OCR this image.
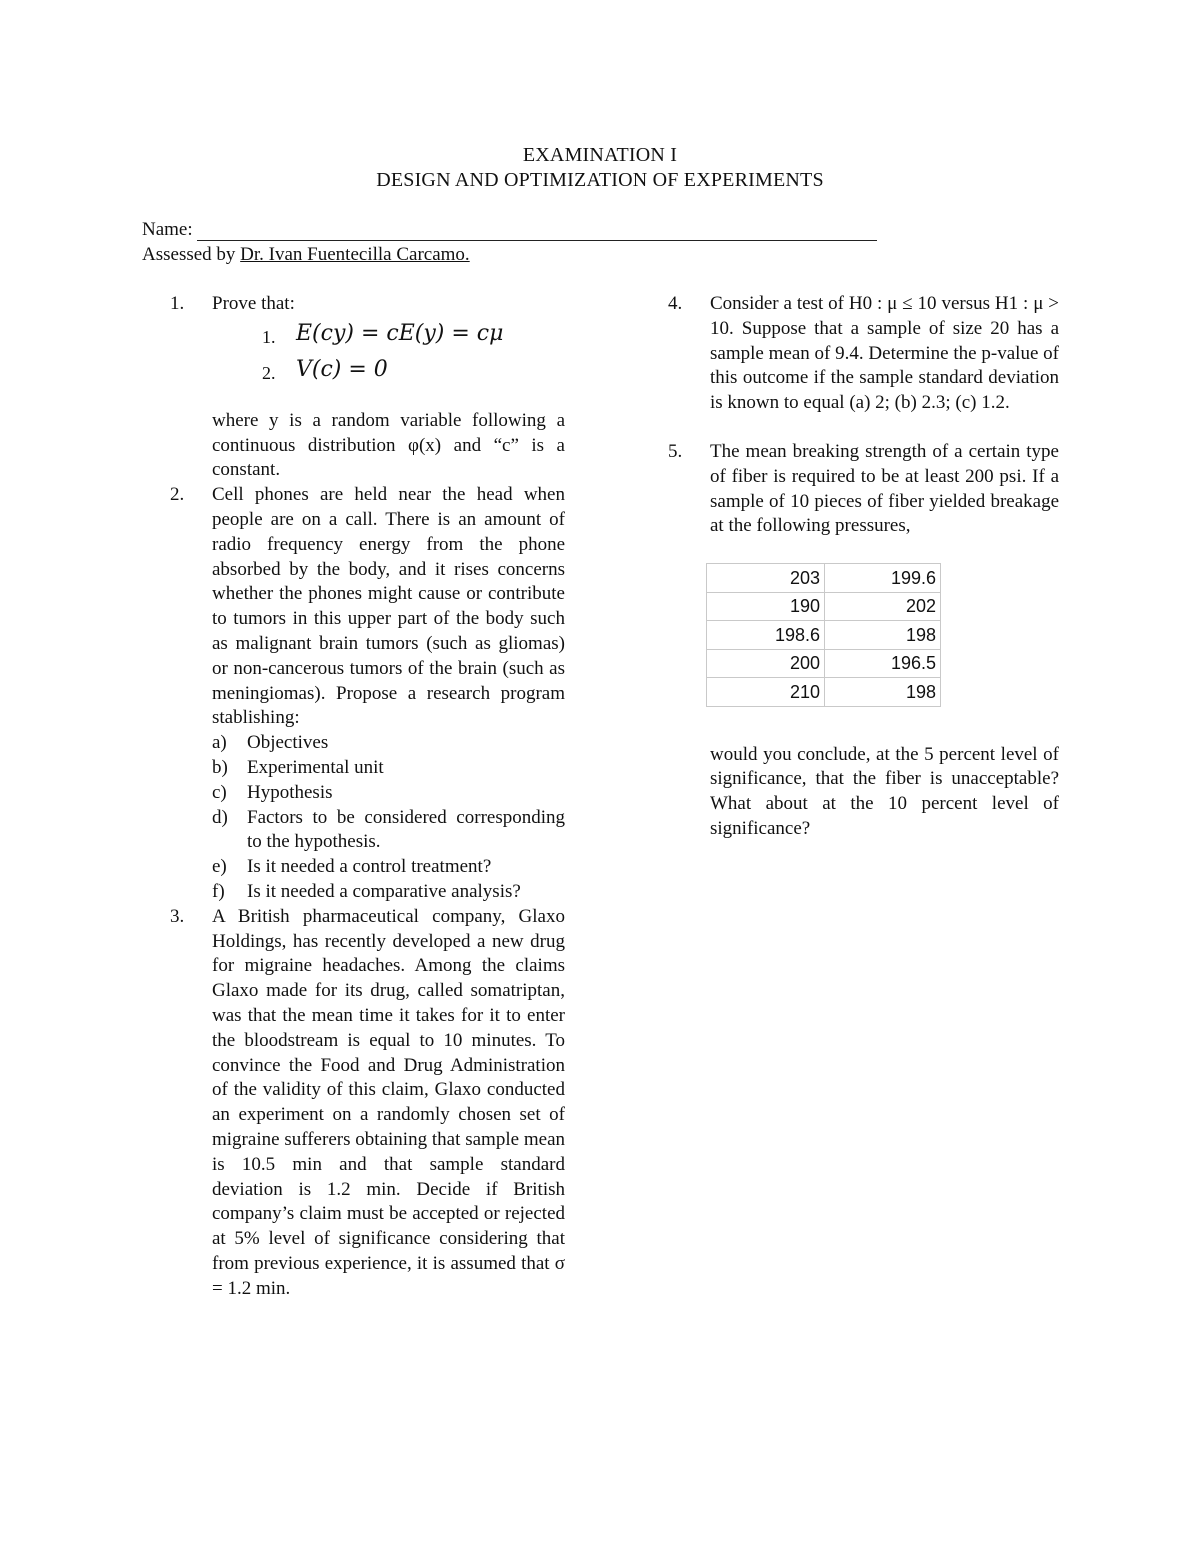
EXAMINATION I
DESIGN AND OPTIMIZATION OF EXPERIMENTS
Name:
Assessed by Dr. Ivan Fuentecilla Carcamo.
1. Prove that:
1. E(cy) = cE(y) = cμ
2. V(c) = 0
where y is a random variable following a continuous distribution φ(x) and “c” is a constant.
2. Cell phones are held near the head when people are on a call. There is an amount of radio frequency energy from the phone absorbed by the body, and it rises concerns whether the phones might cause or contribute to tumors in this upper part of the body such as malignant brain tumors (such as gliomas) or non-cancerous tumors of the brain (such as meningiomas). Propose a research program stablishing:
a) Objectives
b) Experimental unit
c) Hypothesis
d) Factors to be considered corresponding to the hypothesis.
e) Is it needed a control treatment?
f) Is it needed a comparative analysis?
3. A British pharmaceutical company, Glaxo Holdings, has recently developed a new drug for migraine headaches. Among the claims Glaxo made for its drug, called somatriptan, was that the mean time it takes for it to enter the bloodstream is equal to 10 minutes. To convince the Food and Drug Administration of the validity of this claim, Glaxo conducted an experiment on a randomly chosen set of migraine sufferers obtaining that sample mean is 10.5 min and that sample standard deviation is 1.2 min. Decide if British company’s claim must be accepted or rejected at 5% level of significance considering that from previous experience, it is assumed that σ = 1.2 min.
4. Consider a test of H0 : μ ≤ 10 versus H1 : μ > 10. Suppose that a sample of size 20 has a sample mean of 9.4. Determine the p-value of this outcome if the sample standard deviation is known to equal (a) 2; (b) 2.3; (c) 1.2.
5. The mean breaking strength of a certain type of fiber is required to be at least 200 psi. If a sample of 10 pieces of fiber yielded breakage at the following pressures,
203	199.6
190	202
198.6	198
200	196.5
210	198
would you conclude, at the 5 percent level of significance, that the fiber is unacceptable? What about at the 10 percent level of significance?
